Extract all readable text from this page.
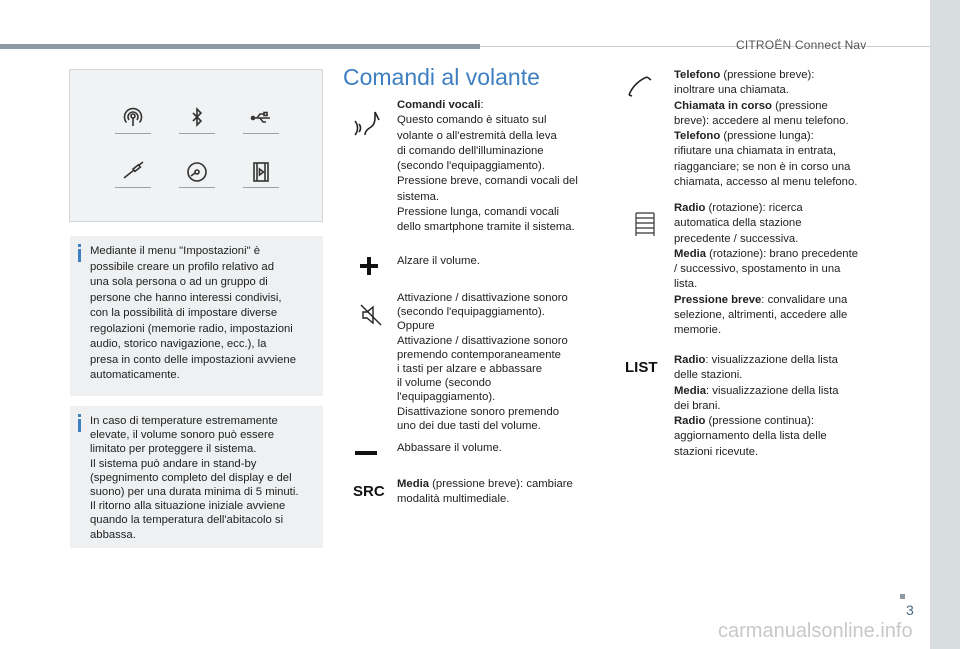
CITROËN Connect Nav
3
carmanualsonline.info

Mediante il menu "Impostazioni" è
possibile creare un profilo relativo ad
una sola persona o ad un gruppo di
persone che hanno interessi condivisi,
con la possibilità di impostare diverse
regolazioni (memorie radio, impostazioni
audio, storico navigazione, ecc.), la
presa in conto delle impostazioni avviene
automaticamente.

In caso di temperature estremamente
elevate, il volume sonoro può essere
limitato per proteggere il sistema.
Il sistema può andare in stand-by
(spegnimento completo del display e del
suono) per una durata minima di 5 minuti.
Il ritorno alla situazione iniziale avviene
quando la temperatura dell'abitacolo si
abbassa.

Comandi al volante
Comandi vocali:
Questo comando è situato sul
volante o all'estremità della leva
di comando dell'illuminazione
(secondo l'equipaggiamento).
Pressione breve, comandi vocali del
sistema.
Pressione lunga, comandi vocali
dello smartphone tramite il sistema.
Alzare il volume.
Attivazione / disattivazione sonoro
(secondo l'equipaggiamento).
Oppure
Attivazione / disattivazione sonoro
premendo contemporaneamente
i tasti per alzare e abbassare
il volume (secondo
l'equipaggiamento).
Disattivazione sonoro premendo
uno dei due tasti del volume.
Abbassare il volume.
SRC Media (pressione breve): cambiare
modalità multimediale.
Telefono (pressione breve):
inoltrare una chiamata.
Chiamata in corso (pressione
breve): accedere al menu telefono.
Telefono (pressione lunga):
rifiutare una chiamata in entrata,
riagganciare; se non è in corso una
chiamata, accesso al menu telefono.
Radio (rotazione): ricerca
automatica della stazione
precedente / successiva.
Media (rotazione): brano precedente
/ successivo, spostamento in una
lista.
Pressione breve: convalidare una
selezione, altrimenti, accedere alle
memorie.
LIST Radio: visualizzazione della lista
delle stazioni.
Media: visualizzazione della lista
dei brani.
Radio (pressione continua):
aggiornamento della lista delle
stazioni ricevute.
